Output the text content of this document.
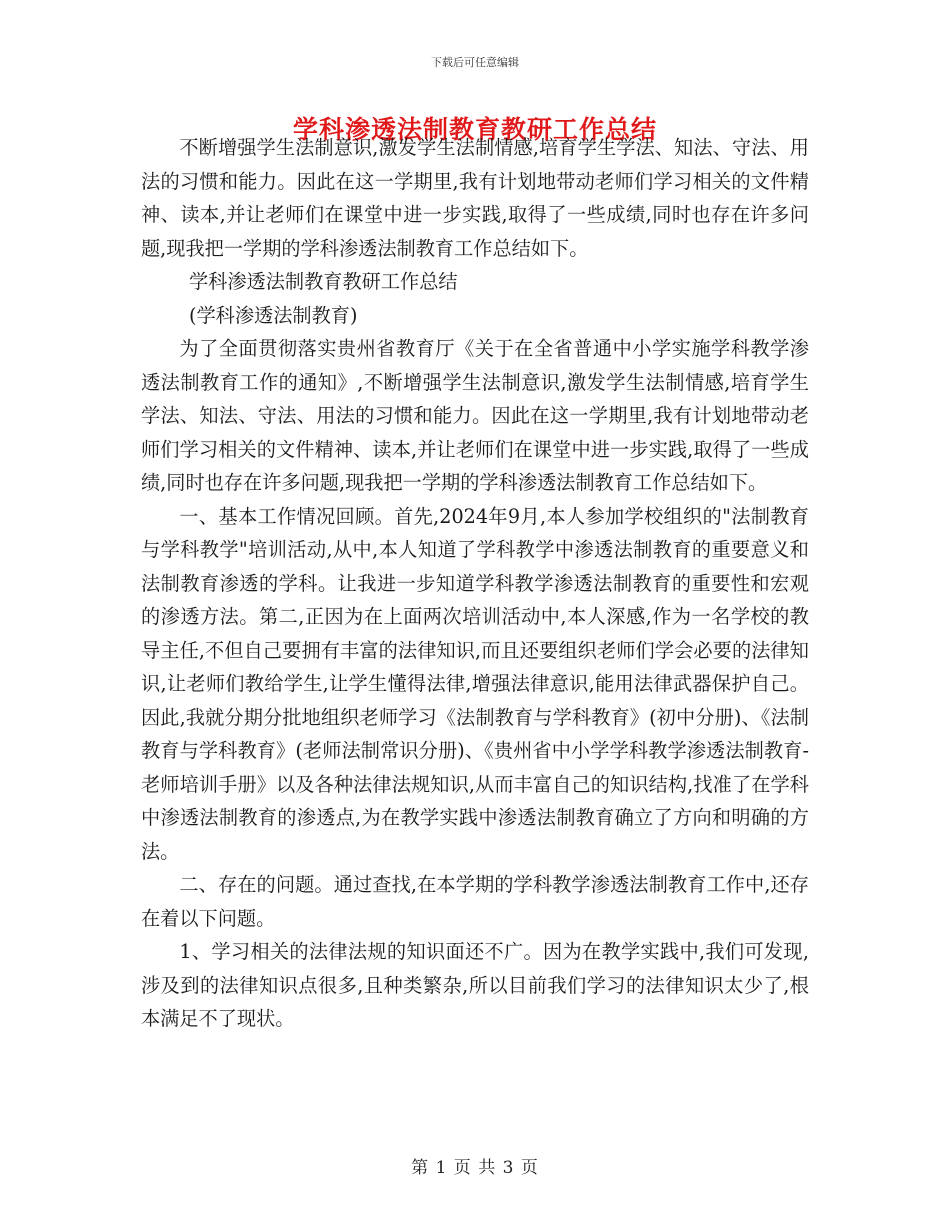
下载后可任意编辑
学科渗透法制教育教研工作总结

不断增强学生法制意识,激发学生法制情感,培育学生学法、知法、守法、用法的习惯和能力。因此在这一学期里,我有计划地带动老师们学习相关的文件精神、读本,并让老师们在课堂中进一步实践,取得了一些成绩,同时也存在许多问题,现我把一学期的学科渗透法制教育工作总结如下。

学科渗透法制教育教研工作总结

(学科渗透法制教育)

为了全面贯彻落实贵州省教育厅《关于在全省普通中小学实施学科教学渗透法制教育工作的通知》,不断增强学生法制意识,激发学生法制情感,培育学生学法、知法、守法、用法的习惯和能力。因此在这一学期里,我有计划地带动老师们学习相关的文件精神、读本,并让老师们在课堂中进一步实践,取得了一些成绩,同时也存在许多问题,现我把一学期的学科渗透法制教育工作总结如下。

一、基本工作情况回顾。首先,2024年9月,本人参加学校组织的"法制教育与学科教学"培训活动,从中,本人知道了学科教学中渗透法制教育的重要意义和法制教育渗透的学科。让我进一步知道学科教学渗透法制教育的重要性和宏观的渗透方法。第二,正因为在上面两次培训活动中,本人深感,作为一名学校的教导主任,不但自己要拥有丰富的法律知识,而且还要组织老师们学会必要的法律知识,让老师们教给学生,让学生懂得法律,增强法律意识,能用法律武器保护自己。因此,我就分期分批地组织老师学习《法制教育与学科教育》(初中分册)、《法制教育与学科教育》(老师法制常识分册)、《贵州省中小学学科教学渗透法制教育-老师培训手册》以及各种法律法规知识,从而丰富自己的知识结构,找准了在学科中渗透法制教育的渗透点,为在教学实践中渗透法制教育确立了方向和明确的方法。

二、存在的问题。通过查找,在本学期的学科教学渗透法制教育工作中,还存在着以下问题。

1、学习相关的法律法规的知识面还不广。因为在教学实践中,我们可发现,涉及到的法律知识点很多,且种类繁杂,所以目前我们学习的法律知识太少了,根本满足不了现状。

第 1 页 共 3 页
